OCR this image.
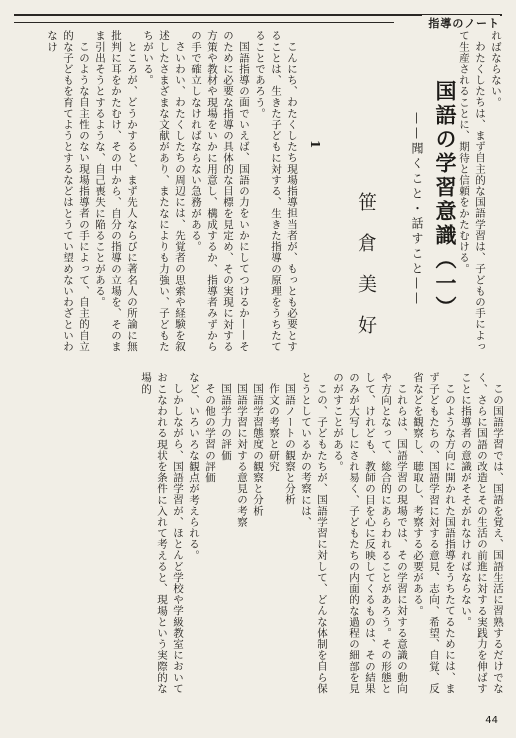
指導のノート

こんにち、わたくしたち現場指導担当者が、もっとも必要とすることは、生きた子どもに対する、生きた指導の原理をうちたてることであろう。

国語指導の面でいえば、国語の力をいかにしてつけるか——そのために必要な指導の具体的な目標を見定め、その実現に対する方策や教材や現場をいかに用意し、構成するか、指導者みずからの手で確立しなければならない急務がある。

さいわい、わたくしたちの周辺には、先覚者の思索や経験を叙述したさまざまな文献があり、またなによりも力強い、子どもたちがいる。

ところが、どうかすると、まず先人ならびに著名人の所論に無批判に耳をかたむけ、その中から、自分の指導の立場を、そのまま引出そうとするような、自己喪失に陥ることがある。

このような自主性のない現場指導者の手によって、自主的自立的な子どもを育てようとするなどはとうてい望めないわざといわなけ

1	国語の学習意識（一）
——聞くこと・話すこと——
笹倉美好

ればならない。

わたくしたちは、まず自主的な国語学習は、子どもの手によって生産されることに、期待と信頼をかたむける。

この国語学習では、国語を覚え、国語生活に習熟するだけでなく、さらに国語の改造とその生活の前進に対する実践力を伸ばすことに指導者の意識がそそがれなければならない。

このような方向に開かれた国語指導をうちたてるためには、まず子どもたちの、国語学習に対する意見、志向、希望、自覚、反省などを観察し、聴取し、考察する必要がある。

これらは、国語学習の現場では、その学習に対する意識の動向や方向となって、総合的にあらわれることがあろう。その形態として、けれども、教師の目を心に反映してくるものは、その結果のみが大写しにされ易く、子どもたちの内面的な過程の細部を見のがすことがある。

この、子どもたちが、国語学習に対して、どんな体制を自ら保とうとしているかの考察には、

国語ノートの観察と分析

作文の考察と研究

国語学習態度の観察と分析

国語学習に対する意見の考察

国語学力の評価

その他の学習の評価

など、いろいろな観点が考えられる。

しかしながら、国語学習が、ほとんど学校や学級教室においておこなわれる現状を条件に入れて考えると、現場という実際的な場的

44
